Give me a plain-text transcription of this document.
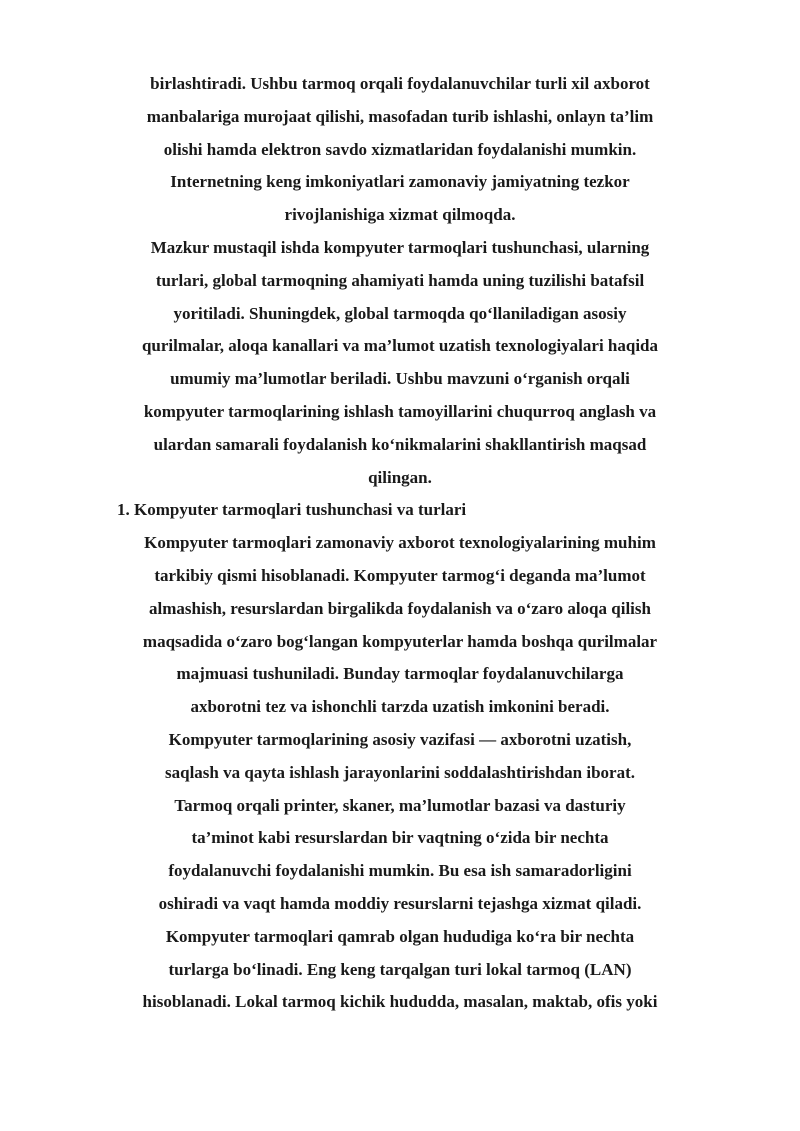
birlashtiradi. Ushbu tarmoq orqali foydalanuvchilar turli xil axborot
manbalariga murojaat qilishi, masofadan turib ishlashi, onlayn ta’lim
olishi hamda elektron savdo xizmatlaridan foydalanishi mumkin.
Internetning keng imkoniyatlari zamonaviy jamiyatning tezkor
rivojlanishiga xizmat qilmoqda.
Mazkur mustaqil ishda kompyuter tarmoqlari tushunchasi, ularning
turlari, global tarmoqning ahamiyati hamda uning tuzilishi batafsil
yoritiladi. Shuningdek, global tarmoqda qo‘llaniladigan asosiy
qurilmalar, aloqa kanallari va ma’lumot uzatish texnologiyalari haqida
umumiy ma’lumotlar beriladi. Ushbu mavzuni o‘rganish orqali
kompyuter tarmoqlarining ishlash tamoyillarini chuqurroq anglash va
ulardan samarali foydalanish ko‘nikmalarini shakllantirish maqsad
qilingan.
1. Kompyuter tarmoqlari tushunchasi va turlari
Kompyuter tarmoqlari zamonaviy axborot texnologiyalarining muhim
tarkibiy qismi hisoblanadi. Kompyuter tarmog‘i deganda ma’lumot
almashish, resurslardan birgalikda foydalanish va o‘zaro aloqa qilish
maqsadida o‘zaro bog‘langan kompyuterlar hamda boshqa qurilmalar
majmuasi tushuniladi. Bunday tarmoqlar foydalanuvchilarga
axborotni tez va ishonchli tarzda uzatish imkonini beradi.
Kompyuter tarmoqlarining asosiy vazifasi — axborotni uzatish,
saqlash va qayta ishlash jarayonlarini soddalashtirishdan iborat.
Tarmoq orqali printer, skaner, ma’lumotlar bazasi va dasturiy
ta’minot kabi resurslardan bir vaqtning o‘zida bir nechta
foydalanuvchi foydalanishi mumkin. Bu esa ish samaradorligini
oshiradi va vaqt hamda moddiy resurslarni tejashga xizmat qiladi.
Kompyuter tarmoqlari qamrab olgan hududiga ko‘ra bir nechta
turlarga bo‘linadi. Eng keng tarqalgan turi lokal tarmoq (LAN)
hisoblanadi. Lokal tarmoq kichik hududda, masalan, maktab, ofis yoki
